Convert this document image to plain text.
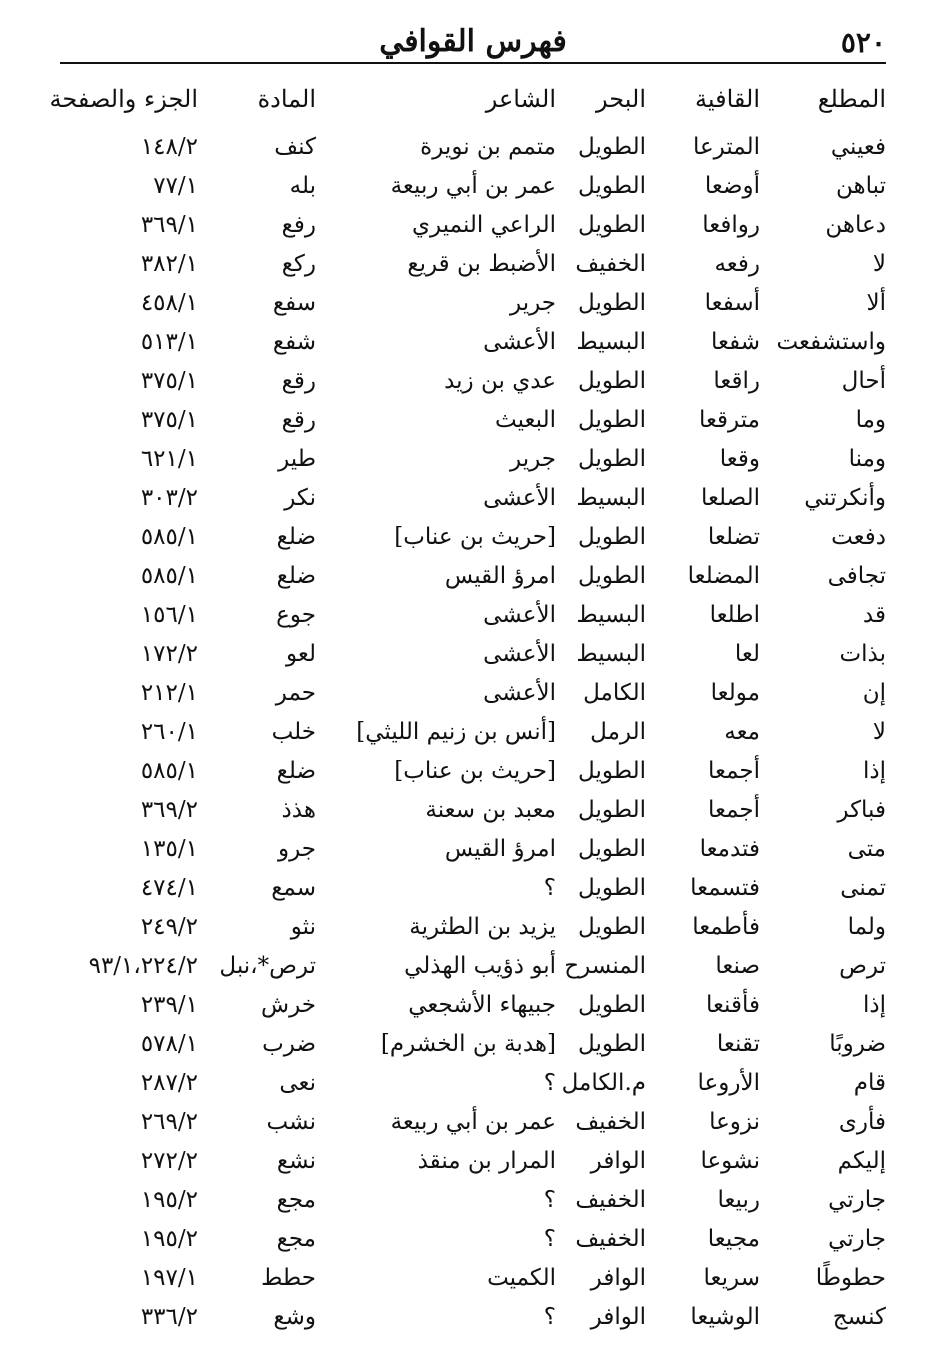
٥٢٠
فهرس القوافي
المطلع
القافية
البحر
الشاعر
المادة
الجزء والصفحة
فعيني
المترعا
الطويل
متمم بن نويرة
كنف
١٤٨/٢
تباهن
أوضعا
الطويل
عمر بن أبي ربيعة
بله
٧٧/١
دعاهن
روافعا
الطويل
الراعي النميري
رفع
٣٦٩/١
لا
رفعه
الخفيف
الأضبط بن قريع
ركع
٣٨٢/١
ألا
أسفعا
الطويل
جرير
سفع
٤٥٨/١
واستشفعت
شفعا
البسيط
الأعشى
شفع
٥١٣/١
أحال
راقعا
الطويل
عدي بن زيد
رقع
٣٧٥/١
وما
مترقعا
الطويل
البعيث
رقع
٣٧٥/١
ومنا
وقعا
الطويل
جرير
طير
٦٢١/١
وأنكرتني
الصلعا
البسيط
الأعشى
نكر
٣٠٣/٢
دفعت
تضلعا
الطويل
[حريث بن عناب]
ضلع
٥٨٥/١
تجافى
المضلعا
الطويل
امرؤ القيس
ضلع
٥٨٥/١
قد
اطلعا
البسيط
الأعشى
جوع
١٥٦/١
بذات
لعا
البسيط
الأعشى
لعو
١٧٢/٢
إن
مولعا
الكامل
الأعشى
حمر
٢١٢/١
لا
معه
الرمل
[أنس بن زنيم الليثي]
خلب
٢٦٠/١
إذا
أجمعا
الطويل
[حريث بن عناب]
ضلع
٥٨٥/١
فباكر
أجمعا
الطويل
معبد بن سعنة
هذذ
٣٦٩/٢
متى
فتدمعا
الطويل
امرؤ القيس
جرو
١٣٥/١
تمنى
فتسمعا
الطويل
؟
سمع
٤٧٤/١
ولما
فأطمعا
الطويل
يزيد بن الطثرية
نثو
٢٤٩/٢
ترص
صنعا
المنسرح
أبو ذؤيب الهذلي
ترص*،نبل
٩٣/١،٢٢٤/٢
إذا
فأقنعا
الطويل
جبيهاء الأشجعي
خرش
٢٣٩/١
ضروبًا
تقنعا
الطويل
[هدبة بن الخشرم]
ضرب
٥٧٨/١
قام
الأروعا
م.الكامل
؟
نعى
٢٨٧/٢
فأرى
نزوعا
الخفيف
عمر بن أبي ربيعة
نشب
٢٦٩/٢
إليكم
نشوعا
الوافر
المرار بن منقذ
نشع
٢٧٢/٢
جارتي
ربيعا
الخفيف
؟
مجع
١٩٥/٢
جارتي
مجيعا
الخفيف
؟
مجع
١٩٥/٢
حطوطًا
سريعا
الوافر
الكميت
حطط
١٩٧/١
كنسج
الوشيعا
الوافر
؟
وشع
٣٣٦/٢
